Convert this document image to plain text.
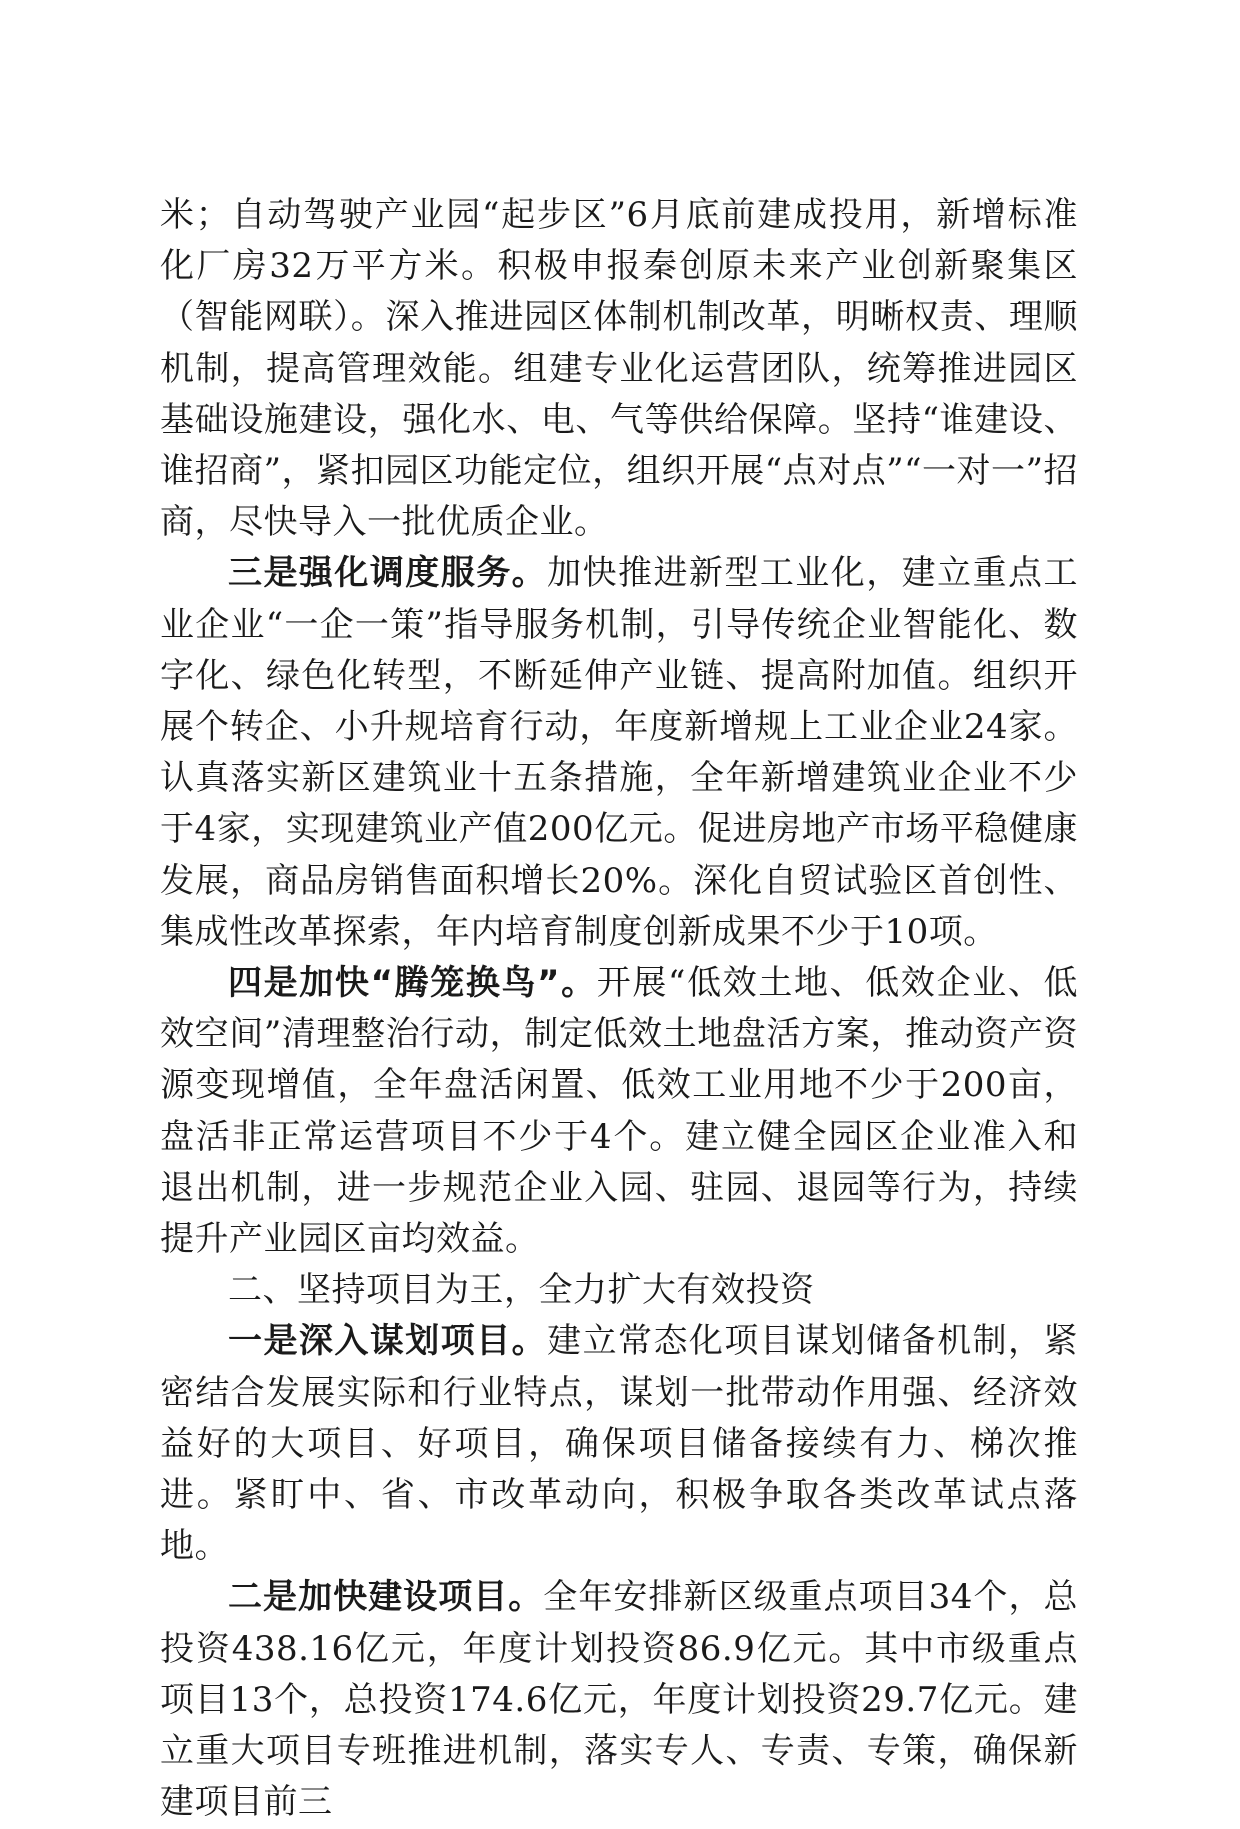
米；自动驾驶产业园“起步区”6月底前建成投用，新增标准化厂房32万平方米。积极申报秦创原未来产业创新聚集区（智能网联）。深入推进园区体制机制改革，明晰权责、理顺机制，提高管理效能。组建专业化运营团队，统筹推进园区基础设施建设，强化水、电、气等供给保障。坚持“谁建设、谁招商”，紧扣园区功能定位，组织开展“点对点”“一对一”招商，尽快导入一批优质企业。

三是强化调度服务。加快推进新型工业化，建立重点工业企业“一企一策”指导服务机制，引导传统企业智能化、数字化、绿色化转型，不断延伸产业链、提高附加值。组织开展个转企、小升规培育行动，年度新增规上工业企业24家。认真落实新区建筑业十五条措施，全年新增建筑业企业不少于4家，实现建筑业产值200亿元。促进房地产市场平稳健康发展，商品房销售面积增长20%。深化自贸试验区首创性、集成性改革探索，年内培育制度创新成果不少于10项。

四是加快“腾笼换鸟”。开展“低效土地、低效企业、低效空间”清理整治行动，制定低效土地盘活方案，推动资产资源变现增值，全年盘活闲置、低效工业用地不少于200亩，盘活非正常运营项目不少于4个。建立健全园区企业准入和退出机制，进一步规范企业入园、驻园、退园等行为，持续提升产业园区亩均效益。

二、坚持项目为王，全力扩大有效投资

一是深入谋划项目。建立常态化项目谋划储备机制，紧密结合发展实际和行业特点，谋划一批带动作用强、经济效益好的大项目、好项目，确保项目储备接续有力、梯次推进。紧盯中、省、市改革动向，积极争取各类改革试点落地。

二是加快建设项目。全年安排新区级重点项目34个，总投资438.16亿元，年度计划投资86.9亿元。其中市级重点项目13个，总投资174.6亿元，年度计划投资29.7亿元。建立重大项目专班推进机制，落实专人、专责、专策，确保新建项目前三
